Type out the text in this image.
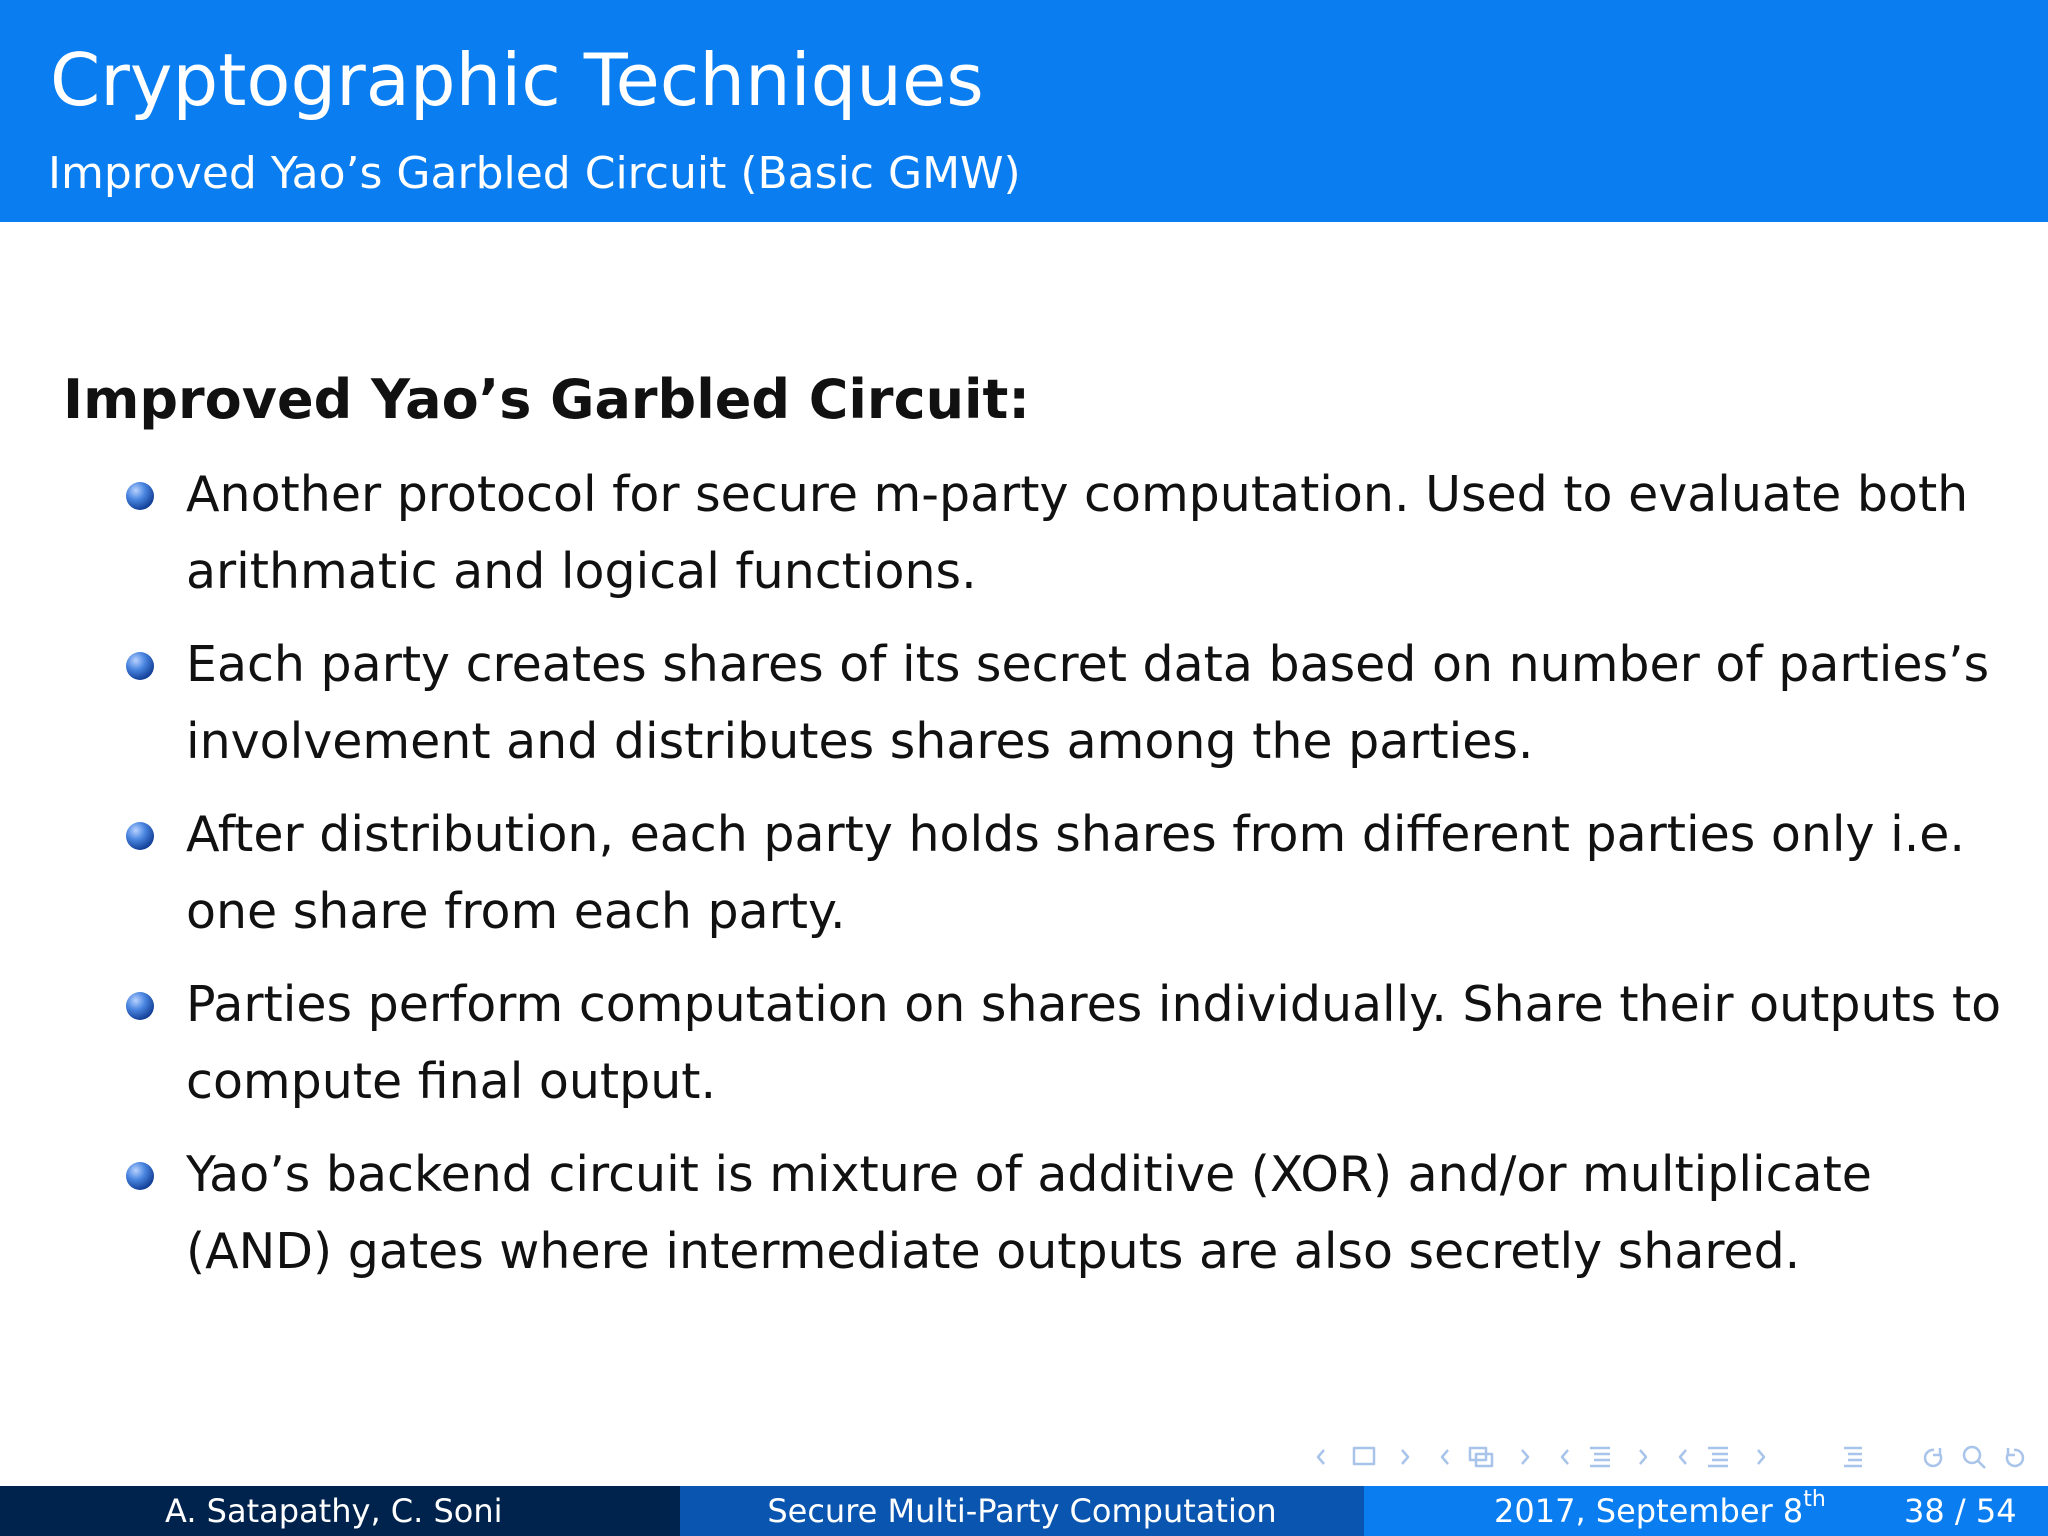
Cryptographic Techniques
Improved Yao’s Garbled Circuit (Basic GMW)
Improved Yao’s Garbled Circuit:

Another protocol for secure m-party computation. Used to evaluate both arithmatic and logical functions.

Each party creates shares of its secret data based on number of parties’s involvement and distributes shares among the parties.

After distribution, each party holds shares from different parties only i.e. one share from each party.

Parties perform computation on shares individually. Share their outputs to compute final output.

Yao’s backend circuit is mixture of additive (XOR) and/or multiplicate (AND) gates where intermediate outputs are also secretly shared.

A. Satapathy, C. Soni	Secure Multi-Party Computation	2017, September 8th 38 / 54
